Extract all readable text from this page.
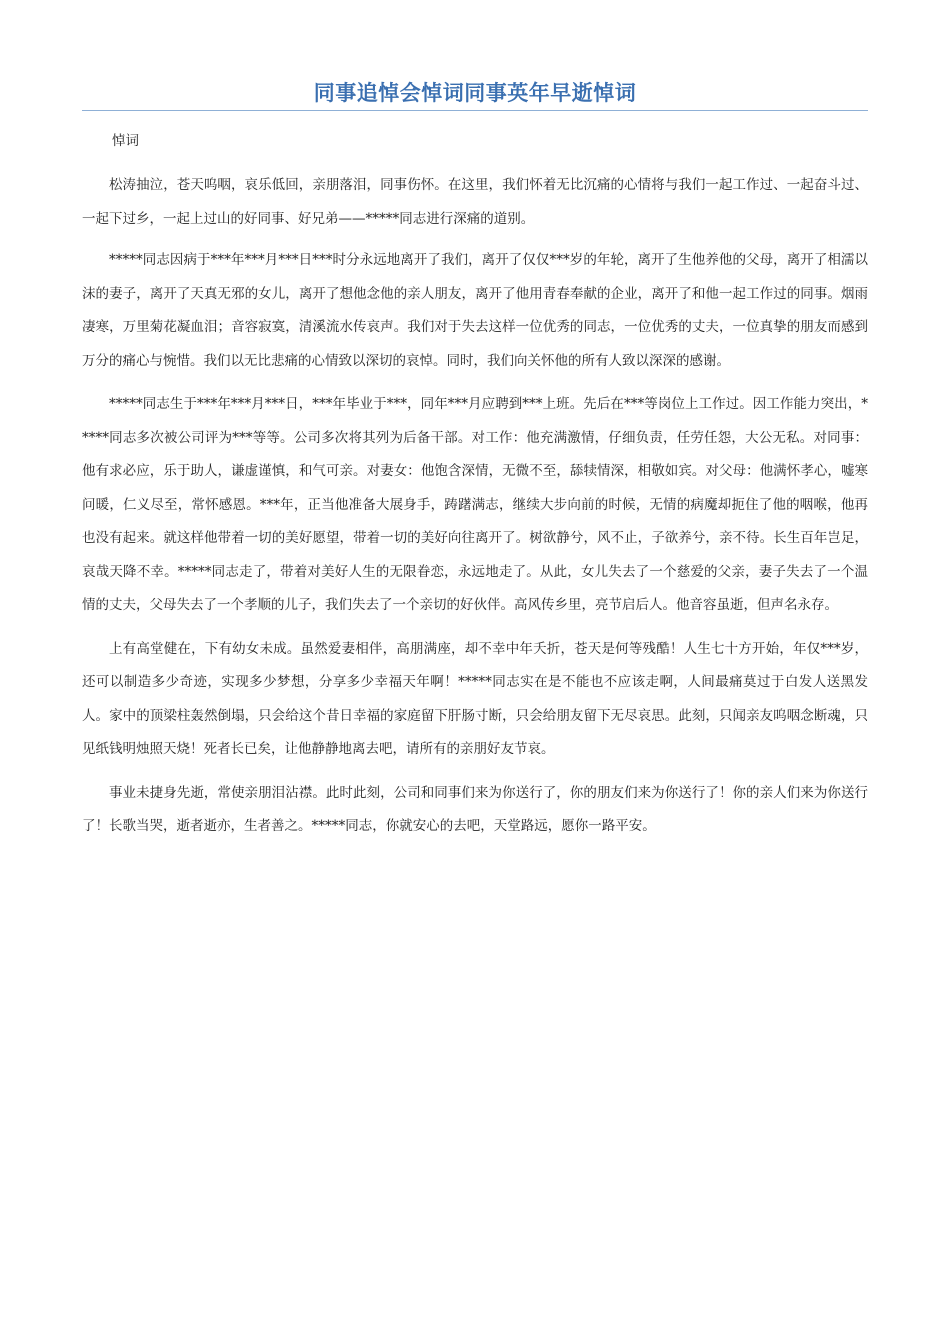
同事追悼会悼词同事英年早逝悼词
悼词

松涛抽泣，苍天呜咽，哀乐低回，亲朋落泪，同事伤怀。在这里，我们怀着无比沉痛的心情将与我们一起工作过、一起奋斗过、一起下过乡，一起上过山的好同事、好兄弟——*****同志进行深痛的道别。

*****同志因病于***年***月***日***时分永远地离开了我们，离开了仅仅***岁的年轮，离开了生他养他的父母，离开了相濡以沫的妻子，离开了天真无邪的女儿，离开了想他念他的亲人朋友，离开了他用青春奉献的企业，离开了和他一起工作过的同事。烟雨凄寒，万里菊花凝血泪；音容寂寞，清溪流水传哀声。我们对于失去这样一位优秀的同志，一位优秀的丈夫，一位真挚的朋友而感到万分的痛心与惋惜。我们以无比悲痛的心情致以深切的哀悼。同时，我们向关怀他的所有人致以深深的感谢。

*****同志生于***年***月***日，***年毕业于***，同年***月应聘到***上班。先后在***等岗位上工作过。因工作能力突出，*****同志多次被公司评为***等等。公司多次将其列为后备干部。对工作：他充满激情，仔细负责，任劳任怨，大公无私。对同事：他有求必应，乐于助人，谦虚谨慎，和气可亲。对妻女：他饱含深情，无微不至，舔犊情深，相敬如宾。对父母：他满怀孝心，嘘寒问暖，仁义尽至，常怀感恩。***年，正当他准备大展身手，踌躇满志，继续大步向前的时候，无情的病魔却扼住了他的咽喉，他再也没有起来。就这样他带着一切的美好愿望，带着一切的美好向往离开了。树欲静兮，风不止，子欲养兮，亲不待。长生百年岂足，哀哉天降不幸。*****同志走了，带着对美好人生的无限眷恋，永远地走了。从此，女儿失去了一个慈爱的父亲，妻子失去了一个温情的丈夫，父母失去了一个孝顺的儿子，我们失去了一个亲切的好伙伴。高风传乡里，亮节启后人。他音容虽逝，但声名永存。

上有高堂健在，下有幼女未成。虽然爱妻相伴，高朋满座，却不幸中年夭折，苍天是何等残酷！人生七十方开始，年仅***岁，还可以制造多少奇迹，实现多少梦想，分享多少幸福天年啊！*****同志实在是不能也不应该走啊，人间最痛莫过于白发人送黑发人。家中的顶梁柱轰然倒塌，只会给这个昔日幸福的家庭留下肝肠寸断，只会给朋友留下无尽哀思。此刻，只闻亲友呜咽念断魂，只见纸钱明烛照天烧！死者长已矣，让他静静地离去吧，请所有的亲朋好友节哀。

事业未捷身先逝，常使亲朋泪沾襟。此时此刻，公司和同事们来为你送行了，你的朋友们来为你送行了！你的亲人们来为你送行了！长歌当哭，逝者逝亦，生者善之。*****同志，你就安心的去吧，天堂路远，愿你一路平安。
